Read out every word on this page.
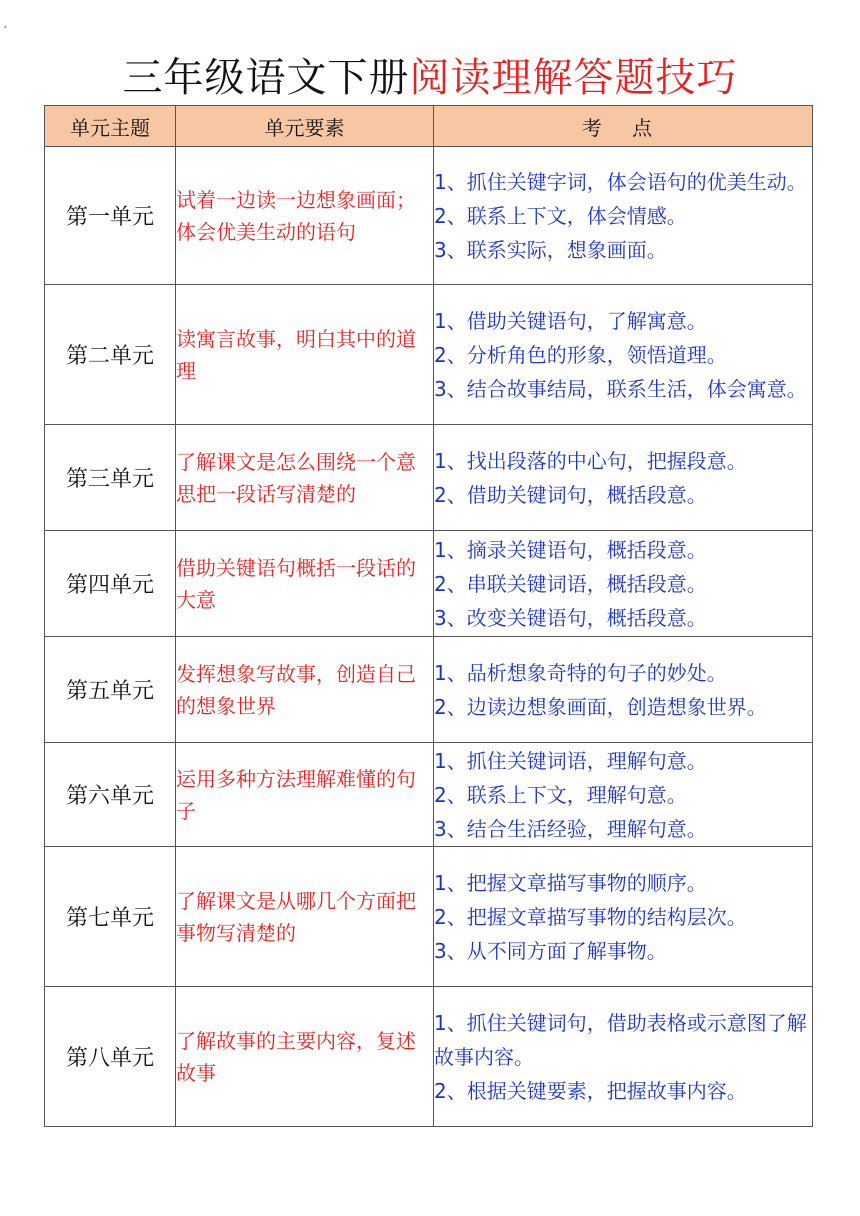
′
三年级语文下册阅读理解答题技巧
单元主题	单元要素	考 点
第一单元	试着一边读一边想象画面；体会优美生动的语句	1、抓住关键字词，体会语句的优美生动。
2、联系上下文，体会情感。
3、联系实际，想象画面。

第二单元	读寓言故事，明白其中的道理	1、借助关键语句，了解寓意。
2、分析角色的形象，领悟道理。
3、结合故事结局，联系生活，体会寓意。

第三单元	了解课文是怎么围绕一个意思把一段话写清楚的	1、找出段落的中心句，把握段意。
2、借助关键词句，概括段意。

第四单元	借助关键语句概括一段话的大意	1、摘录关键语句，概括段意。
2、串联关键词语，概括段意。
3、改变关键语句，概括段意。

第五单元	发挥想象写故事，创造自己的想象世界	1、品析想象奇特的句子的妙处。
2、边读边想象画面，创造想象世界。

第六单元	运用多种方法理解难懂的句子	1、抓住关键词语，理解句意。
2、联系上下文，理解句意。
3、结合生活经验，理解句意。

第七单元	了解课文是从哪几个方面把事物写清楚的	1、把握文章描写事物的顺序。
2、把握文章描写事物的结构层次。
3、从不同方面了解事物。

第八单元	了解故事的主要内容，复述故事	1、抓住关键词句，借助表格或示意图了解故事内容。
2、根据关键要素，把握故事内容。
